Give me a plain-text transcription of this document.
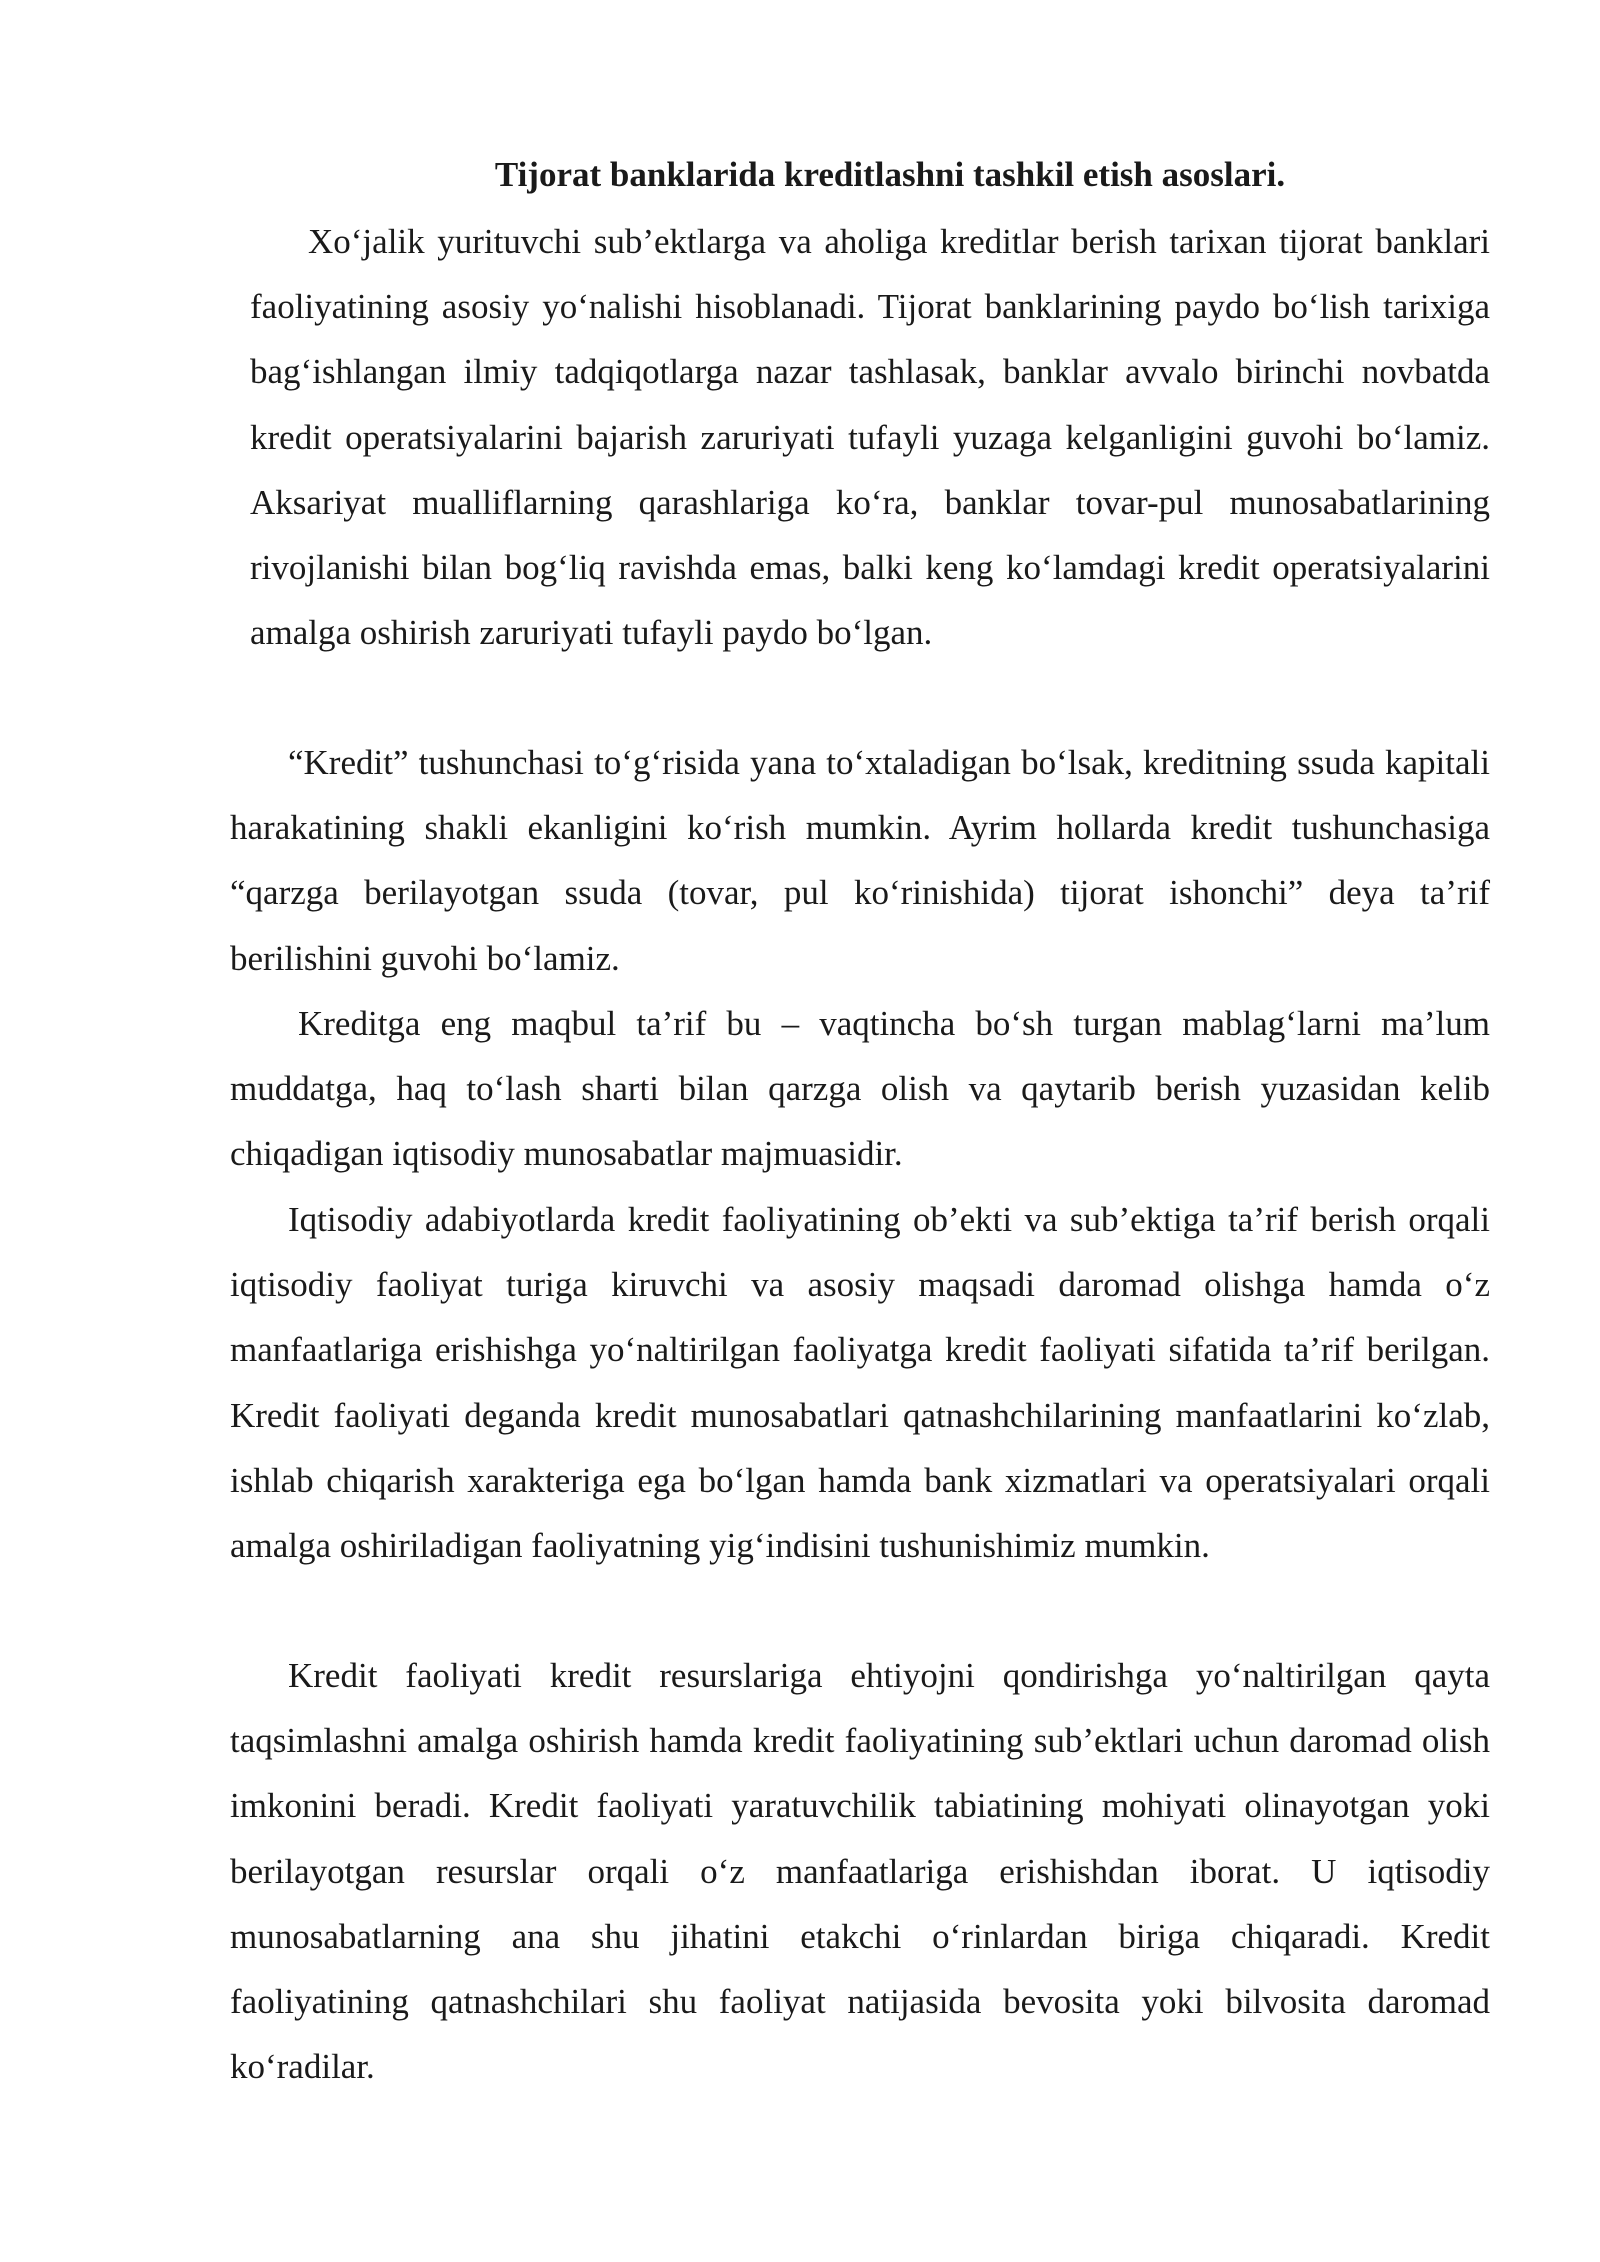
Tijorat banklarida kreditlashni tashkil etish asoslari.

Xo‘jalik yurituvchi sub’ektlarga va aholiga kreditlar berish tarixan tijorat banklari faoliyatining asosiy yo‘nalishi hisoblanadi. Tijorat banklarining paydo bo‘lish tarixiga bag‘ishlangan ilmiy tadqiqotlarga nazar tashlasak, banklar avvalo birinchi novbatda kredit operatsiyalarini bajarish zaruriyati tufayli yuzaga kelganligini guvohi bo‘lamiz. Aksariyat mualliflarning qarashlariga ko‘ra, banklar tovar-pul munosabatlarining rivojlanishi bilan bog‘liq ravishda emas, balki keng ko‘lamdagi kredit operatsiyalarini amalga oshirish zaruriyati tufayli paydo bo‘lgan.

“Kredit” tushunchasi to‘g‘risida yana to‘xtaladigan bo‘lsak, kreditning ssuda kapitali harakatining shakli ekanligini ko‘rish mumkin. Ayrim hollarda kredit tushunchasiga “qarzga berilayotgan ssuda (tovar, pul ko‘rinishida) tijorat ishonchi” deya ta’rif berilishini guvohi bo‘lamiz.

Kreditga eng maqbul ta’rif bu – vaqtincha bo‘sh turgan mablag‘larni ma’lum muddatga, haq to‘lash sharti bilan qarzga olish va qaytarib berish yuzasidan kelib chiqadigan iqtisodiy munosabatlar majmuasidir.

Iqtisodiy adabiyotlarda kredit faoliyatining ob’ekti va sub’ektiga ta’rif berish orqali iqtisodiy faoliyat turiga kiruvchi va asosiy maqsadi daromad olishga hamda o‘z manfaatlariga erishishga yo‘naltirilgan faoliyatga kredit faoliyati sifatida ta’rif berilgan. Kredit faoliyati deganda kredit munosabatlari qatnashchilarining manfaatlarini ko‘zlab, ishlab chiqarish xarakteriga ega bo‘lgan hamda bank xizmatlari va operatsiyalari orqali amalga oshiriladigan faoliyatning yig‘indisini tushunishimiz mumkin.

Kredit faoliyati kredit resurslariga ehtiyojni qondirishga yo‘naltirilgan qayta taqsimlashni amalga oshirish hamda kredit faoliyatining sub’ektlari uchun daromad olish imkonini beradi. Kredit faoliyati yaratuvchilik tabiatining mohiyati olinayotgan yoki berilayotgan resurslar orqali o‘z manfaatlariga erishishdan iborat. U iqtisodiy munosabatlarning ana shu jihatini etakchi o‘rinlardan biriga chiqaradi. Kredit faoliyatining qatnashchilari shu faoliyat natijasida bevosita yoki bilvosita daromad ko‘radilar.
